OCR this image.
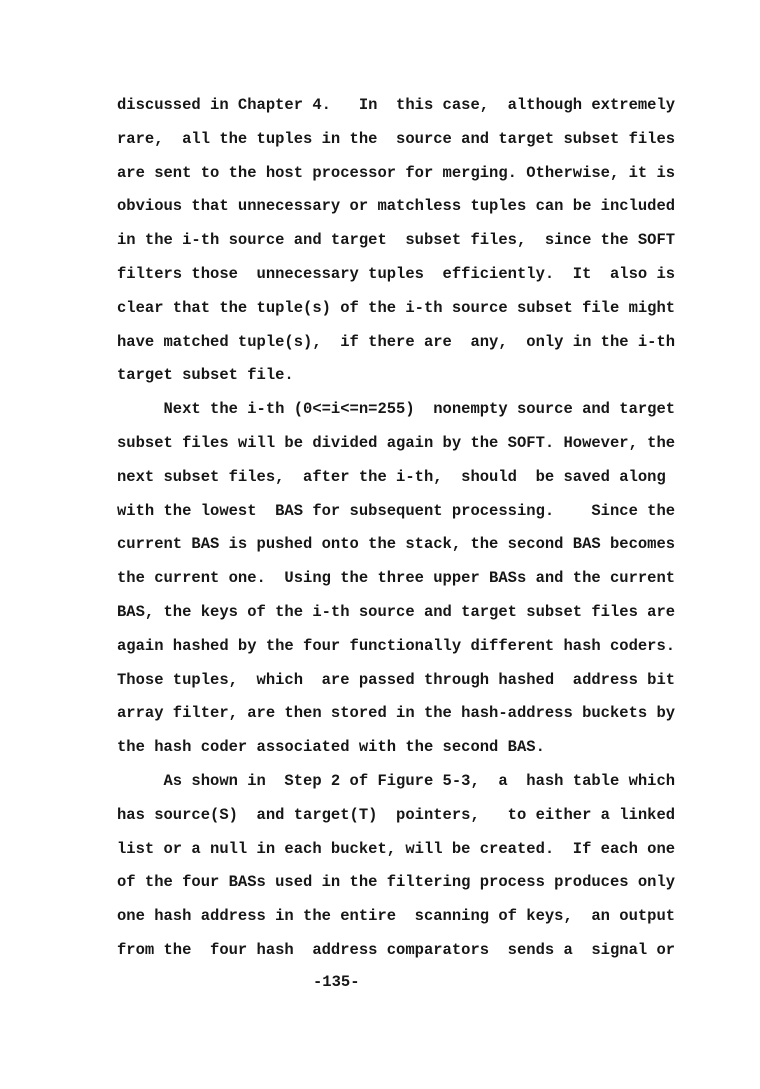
discussed in Chapter 4.   In  this case,  although extremely
rare,  all the tuples in the  source and target subset files
are sent to the host processor for merging. Otherwise, it is
obvious that unnecessary or matchless tuples can be included
in the i-th source and target  subset files,  since the SOFT
filters those  unnecessary tuples  efficiently.  It  also is
clear that the tuple(s) of the i-th source subset file might
have matched tuple(s),  if there are  any,  only in the i-th
target subset file.
Next the i-th (0<=i<=n=255)  nonempty source and target
subset files will be divided again by the SOFT. However, the
next subset files,  after the i-th,  should  be saved along
with the lowest  BAS for subsequent processing.    Since the
current BAS is pushed onto the stack, the second BAS becomes
the current one.  Using the three upper BASs and the current
BAS, the keys of the i-th source and target subset files are
again hashed by the four functionally different hash coders.
Those tuples,  which  are passed through hashed  address bit
array filter, are then stored in the hash-address buckets by
the hash coder associated with the second BAS.
As shown in  Step 2 of Figure 5-3,  a  hash table which
has source(S)  and target(T)  pointers,   to either a linked
list or a null in each bucket, will be created.  If each one
of the four BASs used in the filtering process produces only
one hash address in the entire  scanning of keys,  an output
from the  four hash  address comparators  sends a  signal or
-135-
